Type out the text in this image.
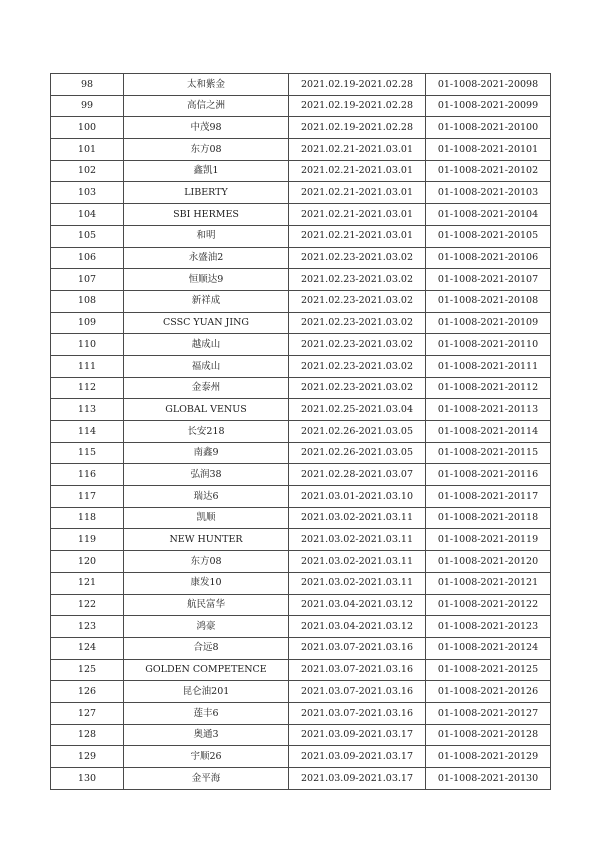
98	太和紫金	2021.02.19-2021.02.28	01-1008-2021-20098
99	高信之洲	2021.02.19-2021.02.28	01-1008-2021-20099
100	中茂98	2021.02.19-2021.02.28	01-1008-2021-20100
101	东方08	2021.02.21-2021.03.01	01-1008-2021-20101
102	鑫凯1	2021.02.21-2021.03.01	01-1008-2021-20102
103	LIBERTY	2021.02.21-2021.03.01	01-1008-2021-20103
104	SBI HERMES	2021.02.21-2021.03.01	01-1008-2021-20104
105	和明	2021.02.21-2021.03.01	01-1008-2021-20105
106	永盛油2	2021.02.23-2021.03.02	01-1008-2021-20106
107	恒顺达9	2021.02.23-2021.03.02	01-1008-2021-20107
108	新祥成	2021.02.23-2021.03.02	01-1008-2021-20108
109	CSSC YUAN JING	2021.02.23-2021.03.02	01-1008-2021-20109
110	越成山	2021.02.23-2021.03.02	01-1008-2021-20110
111	福成山	2021.02.23-2021.03.02	01-1008-2021-20111
112	金泰州	2021.02.23-2021.03.02	01-1008-2021-20112
113	GLOBAL VENUS	2021.02.25-2021.03.04	01-1008-2021-20113
114	长安218	2021.02.26-2021.03.05	01-1008-2021-20114
115	南鑫9	2021.02.26-2021.03.05	01-1008-2021-20115
116	弘润38	2021.02.28-2021.03.07	01-1008-2021-20116
117	瑞达6	2021.03.01-2021.03.10	01-1008-2021-20117
118	凯顺	2021.03.02-2021.03.11	01-1008-2021-20118
119	NEW HUNTER	2021.03.02-2021.03.11	01-1008-2021-20119
120	东方08	2021.03.02-2021.03.11	01-1008-2021-20120
121	康发10	2021.03.02-2021.03.11	01-1008-2021-20121
122	航民富华	2021.03.04-2021.03.12	01-1008-2021-20122
123	鸿豪	2021.03.04-2021.03.12	01-1008-2021-20123
124	合远8	2021.03.07-2021.03.16	01-1008-2021-20124
125	GOLDEN COMPETENCE	2021.03.07-2021.03.16	01-1008-2021-20125
126	昆仑油201	2021.03.07-2021.03.16	01-1008-2021-20126
127	莲丰6	2021.03.07-2021.03.16	01-1008-2021-20127
128	奥通3	2021.03.09-2021.03.17	01-1008-2021-20128
129	宇顺26	2021.03.09-2021.03.17	01-1008-2021-20129
130	金平海	2021.03.09-2021.03.17	01-1008-2021-20130
